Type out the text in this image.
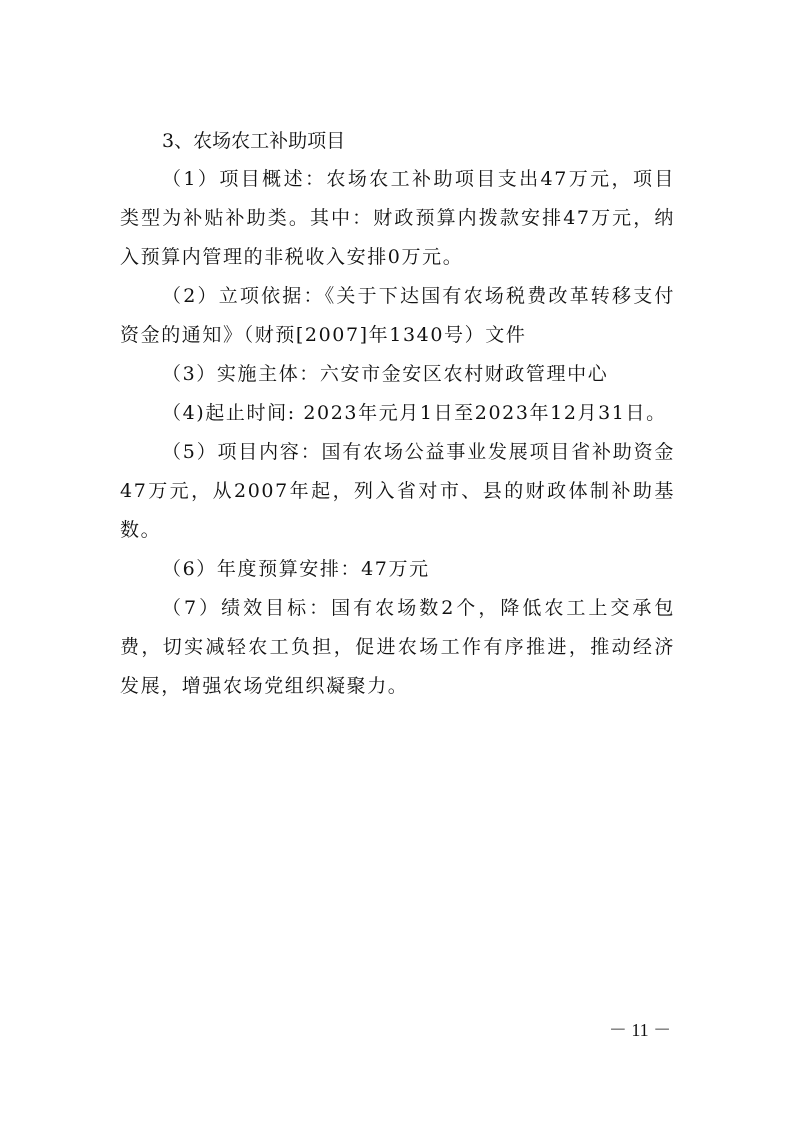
3、农场农工补助项目

（1）项目概述：农场农工补助项目支出47万元，项目类型为补贴补助类。其中：财政预算内拨款安排47万元，纳入预算内管理的非税收入安排0万元。

（2）立项依据：《关于下达国有农场税费改革转移支付资金的通知》（财预[2007]年1340号）文件

（3）实施主体：六安市金安区农村财政管理中心

（4)起止时间: 2023年元月1日至2023年12月31日。

（5）项目内容：国有农场公益事业发展项目省补助资金47万元，从2007年起，列入省对市、县的财政体制补助基数。

（6）年度预算安排：47万元

（7）绩效目标：国有农场数2个，降低农工上交承包费，切实减轻农工负担，促进农场工作有序推进，推动经济发展，增强农场党组织凝聚力。

－ 11 －
